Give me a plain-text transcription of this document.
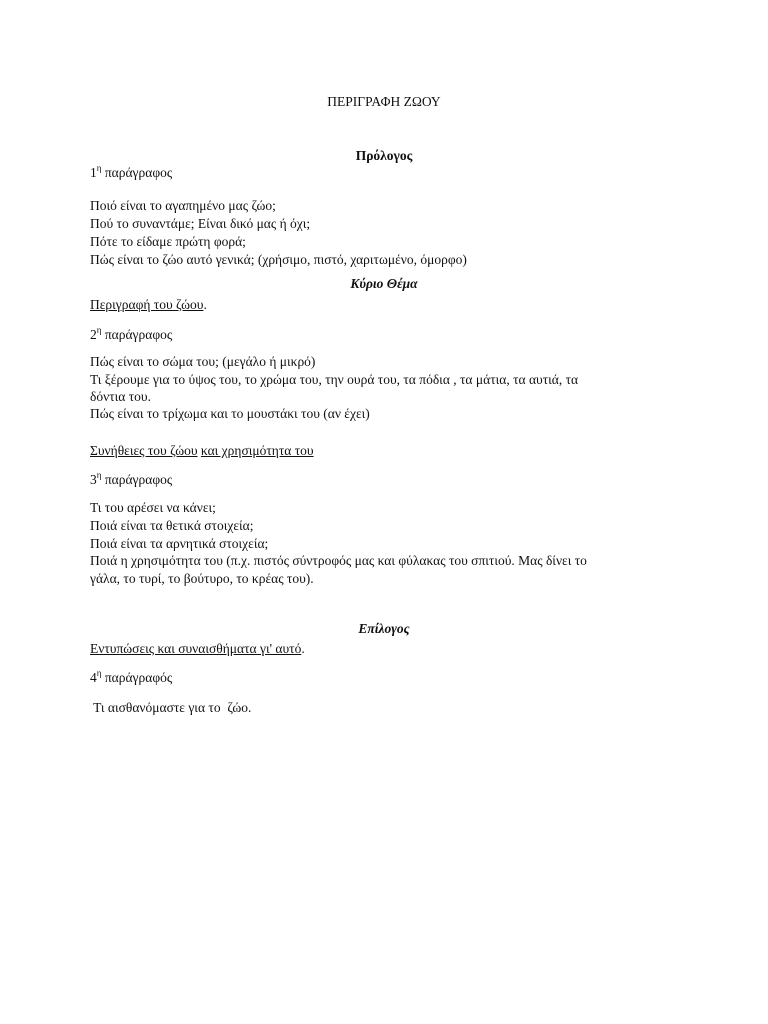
ΠΕΡΙΓΡΑΦΗ ΖΩΟΥ
Πρόλογος
$1^\eta$ παράγραφος
Ποιό είναι το αγαπημένο μας ζώο;
Πού το συναντάμε; Είναι δικό μας ή όχι;
Πότε το είδαμε πρώτη φορά;
Πώς είναι το ζώο αυτό γενικά; (χρήσιμο, πιστό, χαριτωμένο, όμορφο)
Κύριο Θέμα
Περιγραφή του ζώου.
$2^\eta$ παράγραφος
Πώς είναι το σώμα του; (μεγάλο ή μικρό)
Τι ξέρουμε για το ύψος του, το χρώμα του, την ουρά του, τα πόδια , τα μάτια, τα αυτιά, τα
δόντια του.
Πώς είναι το τρίχωμα και το μουστάκι του (αν έχει)
Συνήθειες του ζώου και χρησιμότητα του
$3^\eta$ παράγραφος
Τι του αρέσει να κάνει;
Ποιά είναι τα θετικά στοιχεία;
Ποιά είναι τα αρνητικά στοιχεία;
Ποιά η χρησιμότητα του (π.χ. πιστός σύντροφός μας και φύλακας του σπιτιού. Μας δίνει το
γάλα, το τυρί, το βούτυρο, το κρέας του).
Επίλογος
Εντυπώσεις και συναισθήματα γι' αυτό.
$4^\eta$ παράγραφός
Τι αισθανόμαστε για το  ζώο.
